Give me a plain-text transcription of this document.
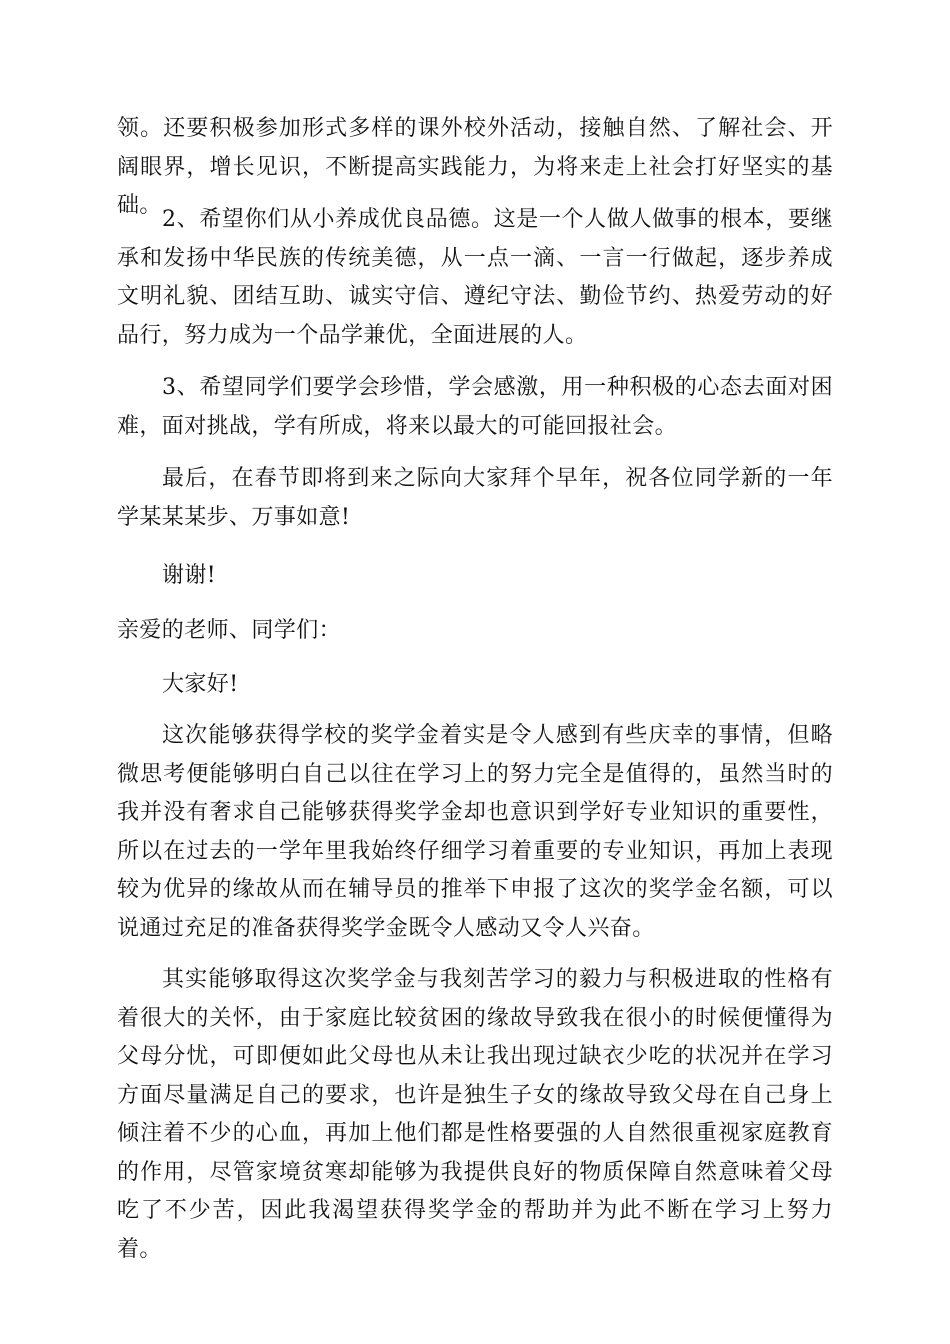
领。还要积极参加形式多样的课外校外活动，接触自然、了解社会、开阔眼界，增长见识，不断提高实践能力，为将来走上社会打好坚实的基础。

2、希望你们从小养成优良品德。这是一个人做人做事的根本，要继承和发扬中华民族的传统美德，从一点一滴、一言一行做起，逐步养成文明礼貌、团结互助、诚实守信、遵纪守法、勤俭节约、热爱劳动的好品行，努力成为一个品学兼优，全面进展的人。

3、希望同学们要学会珍惜，学会感激，用一种积极的心态去面对困难，面对挑战，学有所成，将来以最大的可能回报社会。

最后，在春节即将到来之际向大家拜个早年，祝各位同学新的一年学某某某步、万事如意!

谢谢!

亲爱的老师、同学们：

大家好!

这次能够获得学校的奖学金着实是令人感到有些庆幸的事情，但略微思考便能够明白自己以往在学习上的努力完全是值得的，虽然当时的我并没有奢求自己能够获得奖学金却也意识到学好专业知识的重要性，所以在过去的一学年里我始终仔细学习着重要的专业知识，再加上表现较为优异的缘故从而在辅导员的推举下申报了这次的奖学金名额，可以说通过充足的准备获得奖学金既令人感动又令人兴奋。

其实能够取得这次奖学金与我刻苦学习的毅力与积极进取的性格有着很大的关怀，由于家庭比较贫困的缘故导致我在很小的时候便懂得为父母分忧，可即便如此父母也从未让我出现过缺衣少吃的状况并在学习方面尽量满足自己的要求，也许是独生子女的缘故导致父母在自己身上倾注着不少的心血，再加上他们都是性格要强的人自然很重视家庭教育的作用，尽管家境贫寒却能够为我提供良好的物质保障自然意味着父母吃了不少苦，因此我渴望获得奖学金的帮助并为此不断在学习上努力着。
